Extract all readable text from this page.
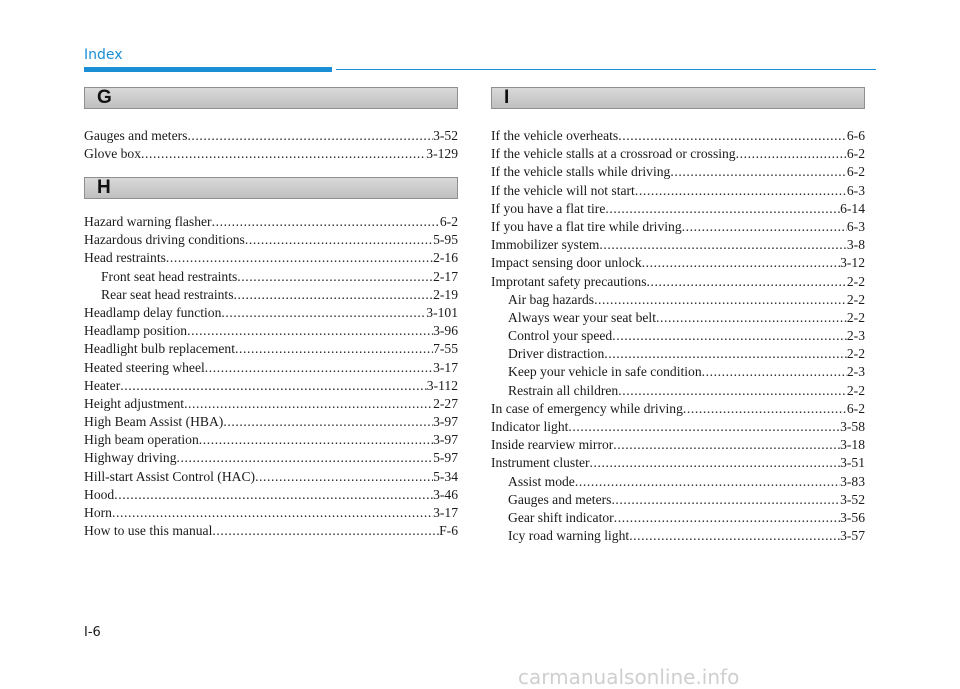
Index
G
Gauges and meters .....	3-52
Glove box .....	3-129
H
Hazard warning flasher .....	6-2
Hazardous driving conditions .....	5-95
Head restraints .....	2-16
Front seat head restraints .....	2-17
Rear seat head restraints .....	2-19
Headlamp delay function .....	3-101
Headlamp position .....	3-96
Headlight bulb replacement .....	7-55
Heated steering wheel .....	3-17
Heater .....	3-112
Height adjustment .....	2-27
High Beam Assist (HBA) .....	3-97
High beam operation .....	3-97
Highway driving .....	5-97
Hill-start Assist Control (HAC) .....	5-34
Hood .....	3-46
Horn .....	3-17
How to use this manual .....	F-6
I
If the vehicle overheats .....	6-6
If the vehicle stalls at a crossroad or crossing .....	6-2
If the vehicle stalls while driving .....	6-2
If the vehicle will not start .....	6-3
If you have a flat tire .....	6-14
If you have a flat tire while driving .....	6-3
Immobilizer system .....	3-8
Impact sensing door unlock .....	3-12
Improtant safety precautions .....	2-2
Air bag hazards .....	2-2
Always wear your seat belt .....	2-2
Control your speed .....	2-3
Driver distraction .....	2-2
Keep your vehicle in safe condition .....	2-3
Restrain all children .....	2-2
In case of emergency while driving .....	6-2
Indicator light .....	3-58
Inside rearview mirror .....	3-18
Instrument cluster .....	3-51
Assist mode .....	3-83
Gauges and meters .....	3-52
Gear shift indicator .....	3-56
Icy road warning light .....	3-57
I-6
carmanualsonline.info
